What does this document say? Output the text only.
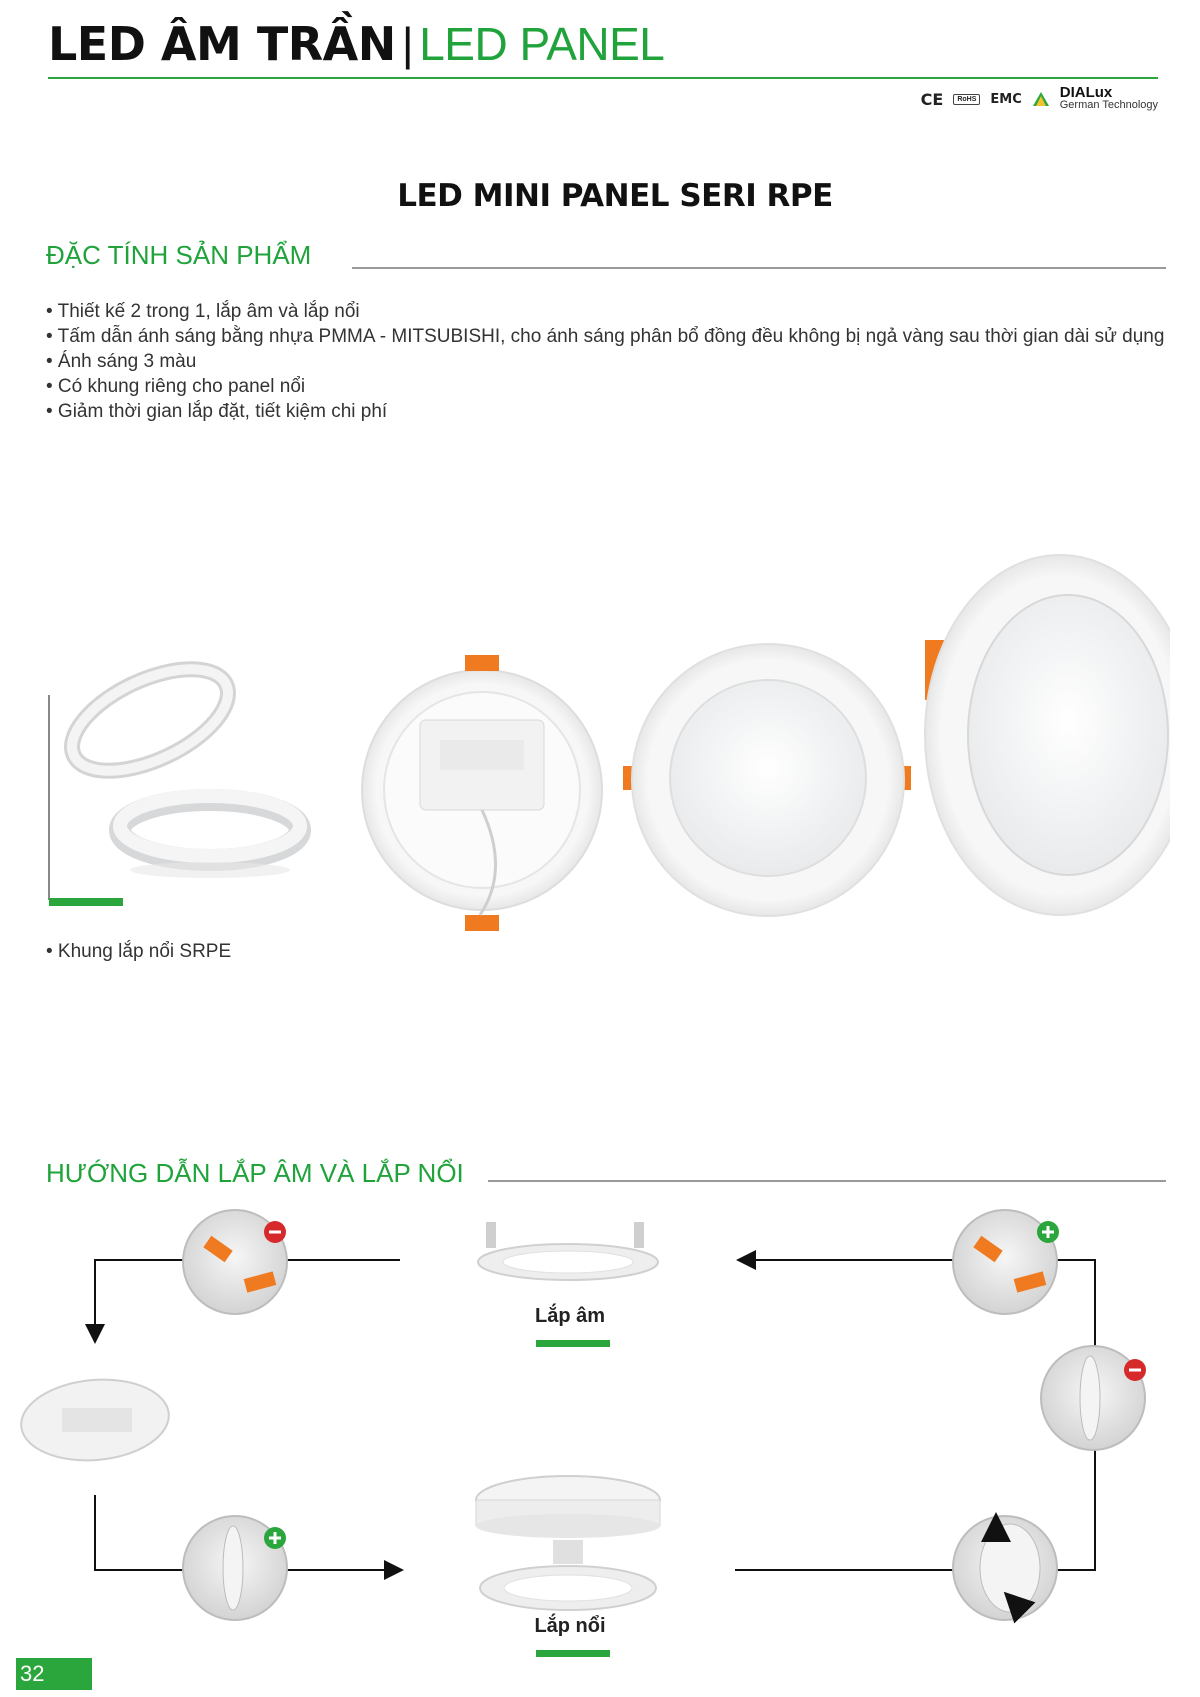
LED ÂM TRẦN | LED PANEL
CE	RoHS	EMC	DIALux
German Technology
LED MINI PANEL SERI RPE
ĐẶC TÍNH SẢN PHẨM
• Thiết kế 2 trong 1, lắp âm và lắp nổi
• Tấm dẫn ánh sáng bằng nhựa PMMA - MITSUBISHI, cho ánh sáng phân bổ đồng đều không bị ngả vàng sau thời gian dài sử dụng
• Ánh sáng 3 màu
• Có khung riêng cho panel nổi
• Giảm thời gian lắp đặt, tiết kiệm chi phí
• Khung lắp nổi SRPE
HƯỚNG DẪN LẮP ÂM VÀ LẮP NỔI
Lắp âm
Lắp nổi
32
